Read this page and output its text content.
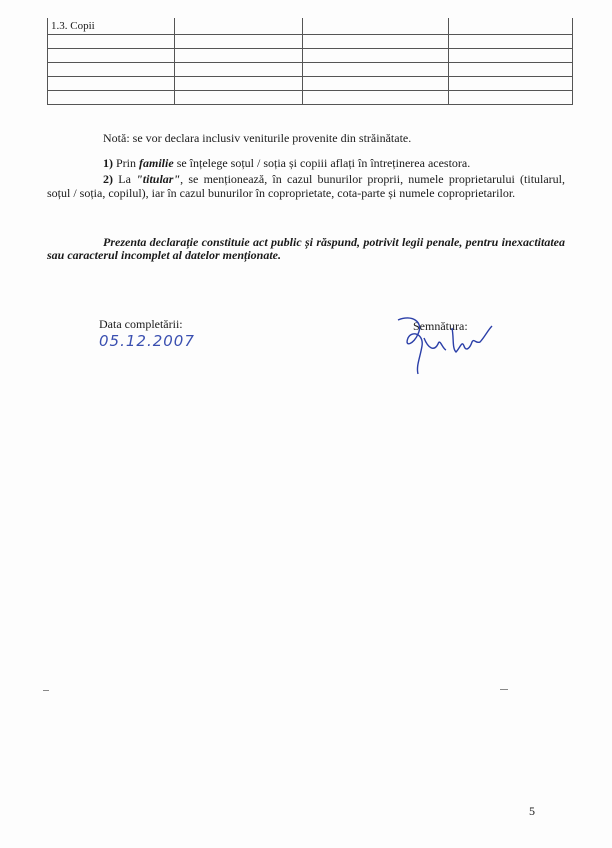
1.3. Copii			

Notă: se vor declara inclusiv veniturile provenite din străinătate.
1) Prin familie se înțelege soțul / soția și copiii aflați în întreținerea acestora.
2) La "titular", se menționează, în cazul bunurilor proprii, numele proprietarului (titularul, soțul / soția, copilul), iar în cazul bunurilor în coproprietate, cota-parte și numele coproprietarilor.
Prezenta declarație constituie act public și răspund, potrivit legii penale, pentru inexactitatea sau caracterul incomplet al datelor menționate.
Data completării:
05.12.2007
Semnătura:
5
